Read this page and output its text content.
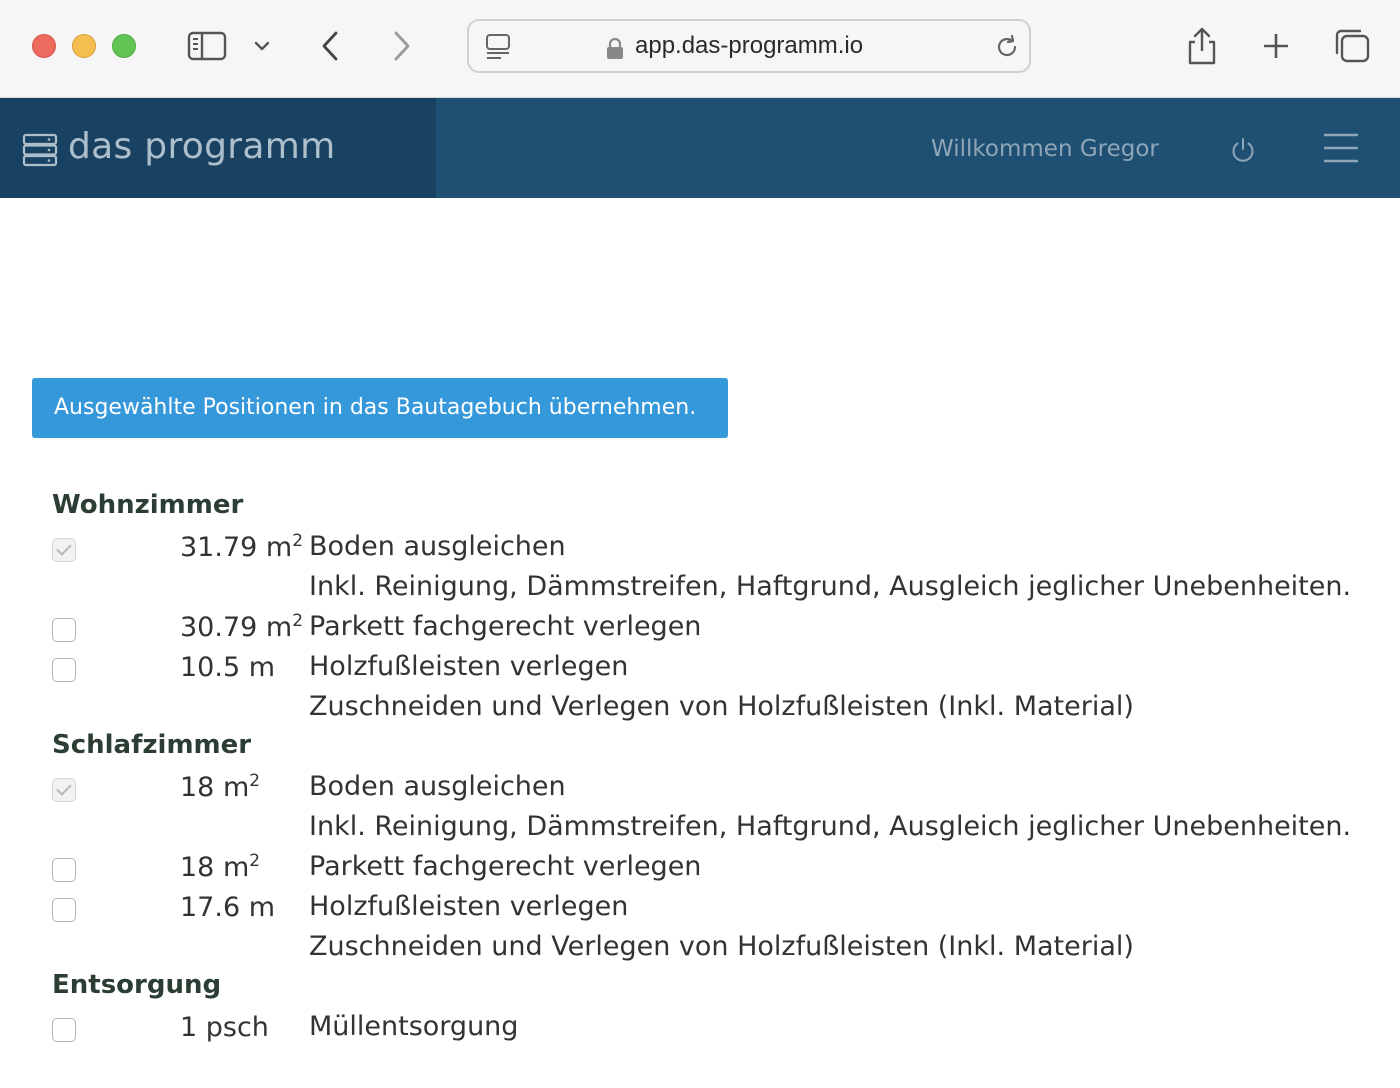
app.das-programm.io
das programm	Willkommen Gregor
Ausgewählte Positionen in das Bautagebuch übernehmen.
Wohnzimmer
31.79 $m^2$ Boden ausgleichen
Inkl. Reinigung, Dämmstreifen, Haftgrund, Ausgleich jeglicher Unebenheiten.
30.79 $m^2$ Parkett fachgerecht verlegen
10.5 m Holzfußleisten verlegen
Zuschneiden und Verlegen von Holzfußleisten (Inkl. Material)
Schlafzimmer
18 $m^2$ Boden ausgleichen
Inkl. Reinigung, Dämmstreifen, Haftgrund, Ausgleich jeglicher Unebenheiten.
18 $m^2$ Parkett fachgerecht verlegen
17.6 m Holzfußleisten verlegen
Zuschneiden und Verlegen von Holzfußleisten (Inkl. Material)
Entsorgung
1 psch Müllentsorgung
